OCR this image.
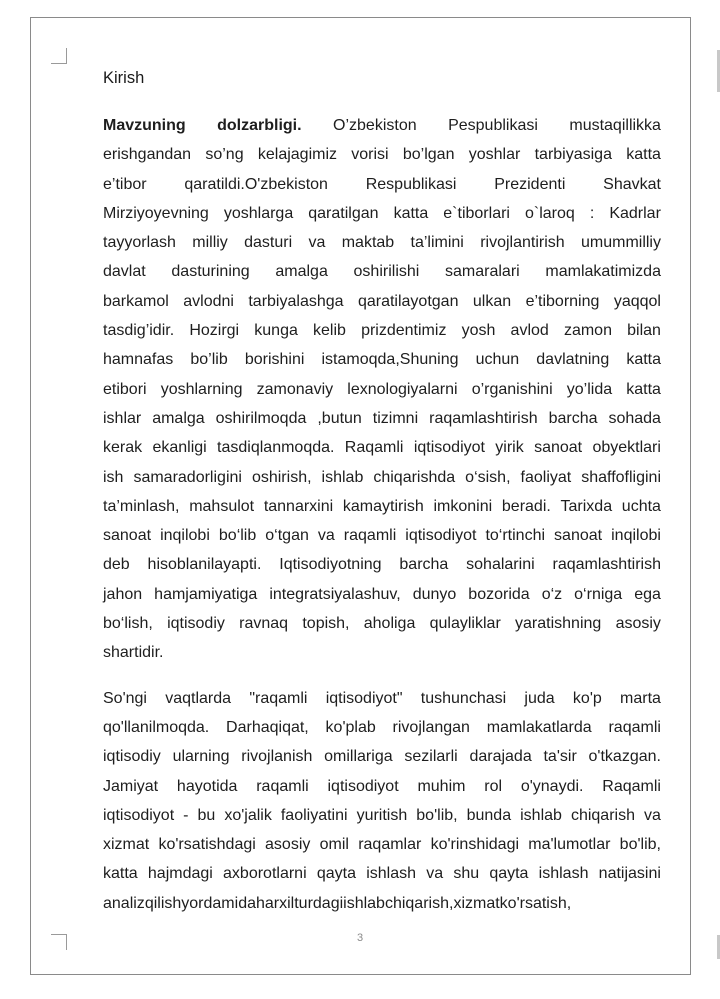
Kirish
Mavzuning dolzarbligi. O’zbekiston Pespublikasi mustaqillikka
erishgandan so’ng kelajagimiz vorisi bo’lgan yoshlar tarbiyasiga katta
e’tibor qaratildi.O'zbekiston Respublikasi Prezidenti Shavkat
Mirziyoyevning yoshlarga qaratilgan katta e`tiborlari o`laroq : Kadrlar
tayyorlash milliy dasturi va maktab ta’limini rivojlantirish umummilliy
davlat dasturining amalga oshirilishi samaralari mamlakatimizda
barkamol avlodni tarbiyalashga qaratilayotgan ulkan e’tiborning yaqqol
tasdig’idir. Hozirgi kunga kelib prizdentimiz yosh avlod zamon bilan
hamnafas bo’lib borishini istamoqda,Shuning uchun davlatning katta
etibori yoshlarning zamonaviy lexnologiyalarni o’rganishini yo’lida katta
ishlar amalga oshirilmoqda ,butun tizimni raqamlashtirish barcha sohada
kerak ekanligi tasdiqlanmoqda. Raqamli iqtisodiyot yirik sanoat obyektlari
ish samaradorligini oshirish, ishlab chiqarishda o‘sish, faoliyat shaffofligini
ta’minlash, mahsulot tannarxini kamaytirish imkonini beradi. Tarixda uchta
sanoat inqilobi bo‘lib o‘tgan va raqamli iqtisodiyot to‘rtinchi sanoat inqilobi
deb hisoblanilayapti. Iqtisodiyotning barcha sohalarini raqamlashtirish
jahon hamjamiyatiga integratsiyalashuv, dunyo bozorida o‘z o‘rniga ega
bo‘lish, iqtisodiy ravnaq topish, aholiga qulayliklar yaratishning asosiy
shartidir.
So'ngi vaqtlarda "raqamli iqtisodiyot" tushunchasi juda ko'p marta
qo'llanilmoqda. Darhaqiqat, ko'plab rivojlangan mamlakatlarda raqamli
iqtisodiy ularning rivojlanish omillariga sezilarli darajada ta'sir o'tkazgan.
Jamiyat hayotida raqamli iqtisodiyot muhim rol o'ynaydi. Raqamli
iqtisodiyot - bu xo'jalik faoliyatini yuritish bo'lib, bunda ishlab chiqarish va
xizmat ko'rsatishdagi asosiy omil raqamlar ko'rinshidagi ma'lumotlar bo'lib,
katta hajmdagi axborotlarni qayta ishlash va shu qayta ishlash natijasini
analiz qilish yordamida har xil turdagi ishlab chiqarish, xizmat ko'rsatish,
3
